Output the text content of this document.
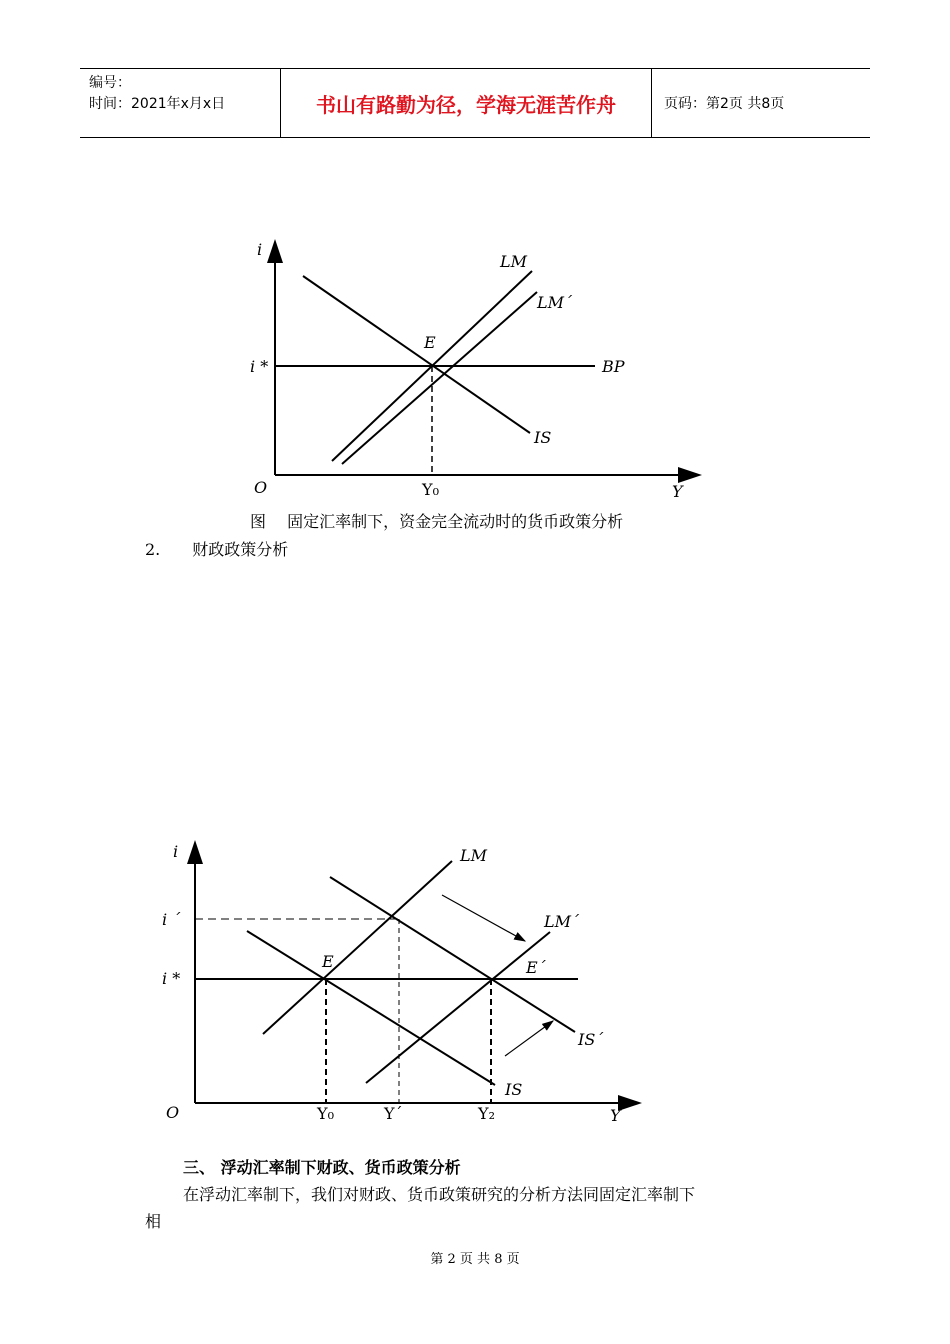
编号：
时间：2021年x月x日	书山有路勤为径，学海无涯苦作舟	页码：第2页 共8页
i
O	Y
i *
Y₀
E
LM
LM´
BP
IS
图　 固定汇率制下，资金完全流动时的货币政策分析
2.　　财政政策分析
i
O	Y
i ´
i *
E	E´
LM
LM´
IS
IS´
Y₀	Y´	Y₂
三、 浮动汇率制下财政、货币政策分析
在浮动汇率制下，我们对财政、货币政策研究的分析方法同固定汇率制下
相
第 2 页 共 8 页
